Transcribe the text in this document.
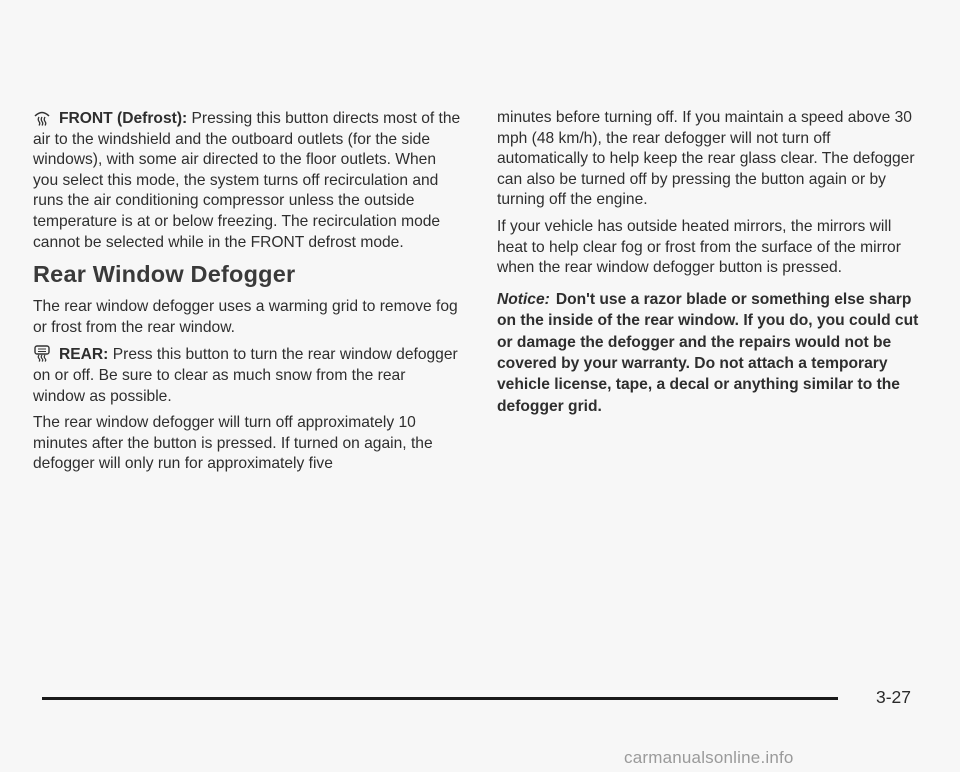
FRONT (Defrost): Pressing this button directs most of the air to the windshield and the outboard outlets (for the side windows), with some air directed to the floor outlets. When you select this mode, the system turns off recirculation and runs the air conditioning compressor unless the outside temperature is at or below freezing. The recirculation mode cannot be selected while in the FRONT defrost mode.

Rear Window Defogger

The rear window defogger uses a warming grid to remove fog or frost from the rear window.

REAR: Press this button to turn the rear window defogger on or off. Be sure to clear as much snow from the rear window as possible.

The rear window defogger will turn off approximately 10 minutes after the button is pressed. If turned on again, the defogger will only run for approximately five

minutes before turning off. If you maintain a speed above 30 mph (48 km/h), the rear defogger will not turn off automatically to help keep the rear glass clear. The defogger can also be turned off by pressing the button again or by turning off the engine.

If your vehicle has outside heated mirrors, the mirrors will heat to help clear fog or frost from the surface of the mirror when the rear window defogger button is pressed.

Notice: Don't use a razor blade or something else sharp on the inside of the rear window. If you do, you could cut or damage the defogger and the repairs would not be covered by your warranty. Do not attach a temporary vehicle license, tape, a decal or anything similar to the defogger grid.

3-27
carmanualsonline.info
